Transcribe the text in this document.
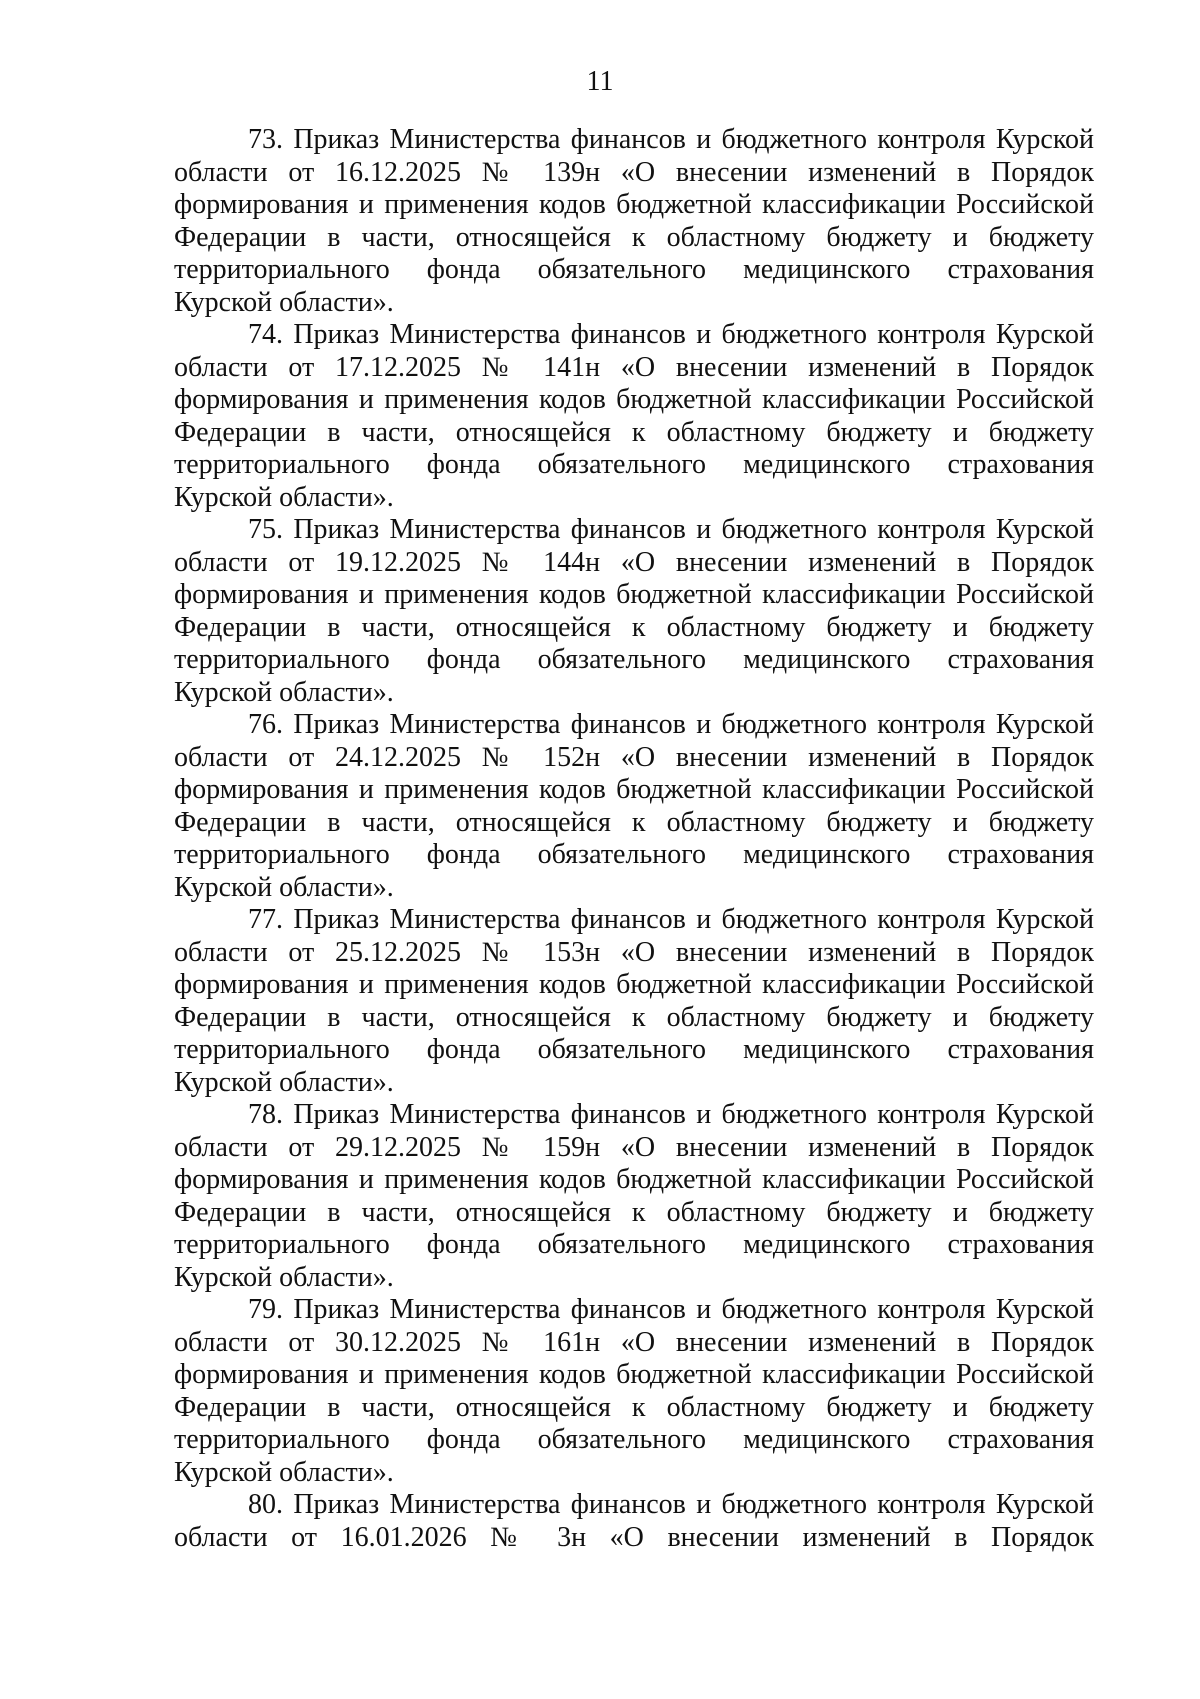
11
73. Приказ Министерства финансов и бюджетного контроля Курской
области от 16.12.2025 № 139н «О внесении изменений в Порядок
формирования и применения кодов бюджетной классификации Российской
Федерации в части, относящейся к областному бюджету и бюджету
территориального фонда обязательного медицинского страхования
Курской области».
74. Приказ Министерства финансов и бюджетного контроля Курской
области от 17.12.2025 № 141н «О внесении изменений в Порядок
формирования и применения кодов бюджетной классификации Российской
Федерации в части, относящейся к областному бюджету и бюджету
территориального фонда обязательного медицинского страхования
Курской области».
75. Приказ Министерства финансов и бюджетного контроля Курской
области от 19.12.2025 № 144н «О внесении изменений в Порядок
формирования и применения кодов бюджетной классификации Российской
Федерации в части, относящейся к областному бюджету и бюджету
территориального фонда обязательного медицинского страхования
Курской области».
76. Приказ Министерства финансов и бюджетного контроля Курской
области от 24.12.2025 № 152н «О внесении изменений в Порядок
формирования и применения кодов бюджетной классификации Российской
Федерации в части, относящейся к областному бюджету и бюджету
территориального фонда обязательного медицинского страхования
Курской области».
77. Приказ Министерства финансов и бюджетного контроля Курской
области от 25.12.2025 № 153н «О внесении изменений в Порядок
формирования и применения кодов бюджетной классификации Российской
Федерации в части, относящейся к областному бюджету и бюджету
территориального фонда обязательного медицинского страхования
Курской области».
78. Приказ Министерства финансов и бюджетного контроля Курской
области от 29.12.2025 № 159н «О внесении изменений в Порядок
формирования и применения кодов бюджетной классификации Российской
Федерации в части, относящейся к областному бюджету и бюджету
территориального фонда обязательного медицинского страхования
Курской области».
79. Приказ Министерства финансов и бюджетного контроля Курской
области от 30.12.2025 № 161н «О внесении изменений в Порядок
формирования и применения кодов бюджетной классификации Российской
Федерации в части, относящейся к областному бюджету и бюджету
территориального фонда обязательного медицинского страхования
Курской области».
80. Приказ Министерства финансов и бюджетного контроля Курской
области от 16.01.2026 № 3н «О внесении изменений в Порядок
